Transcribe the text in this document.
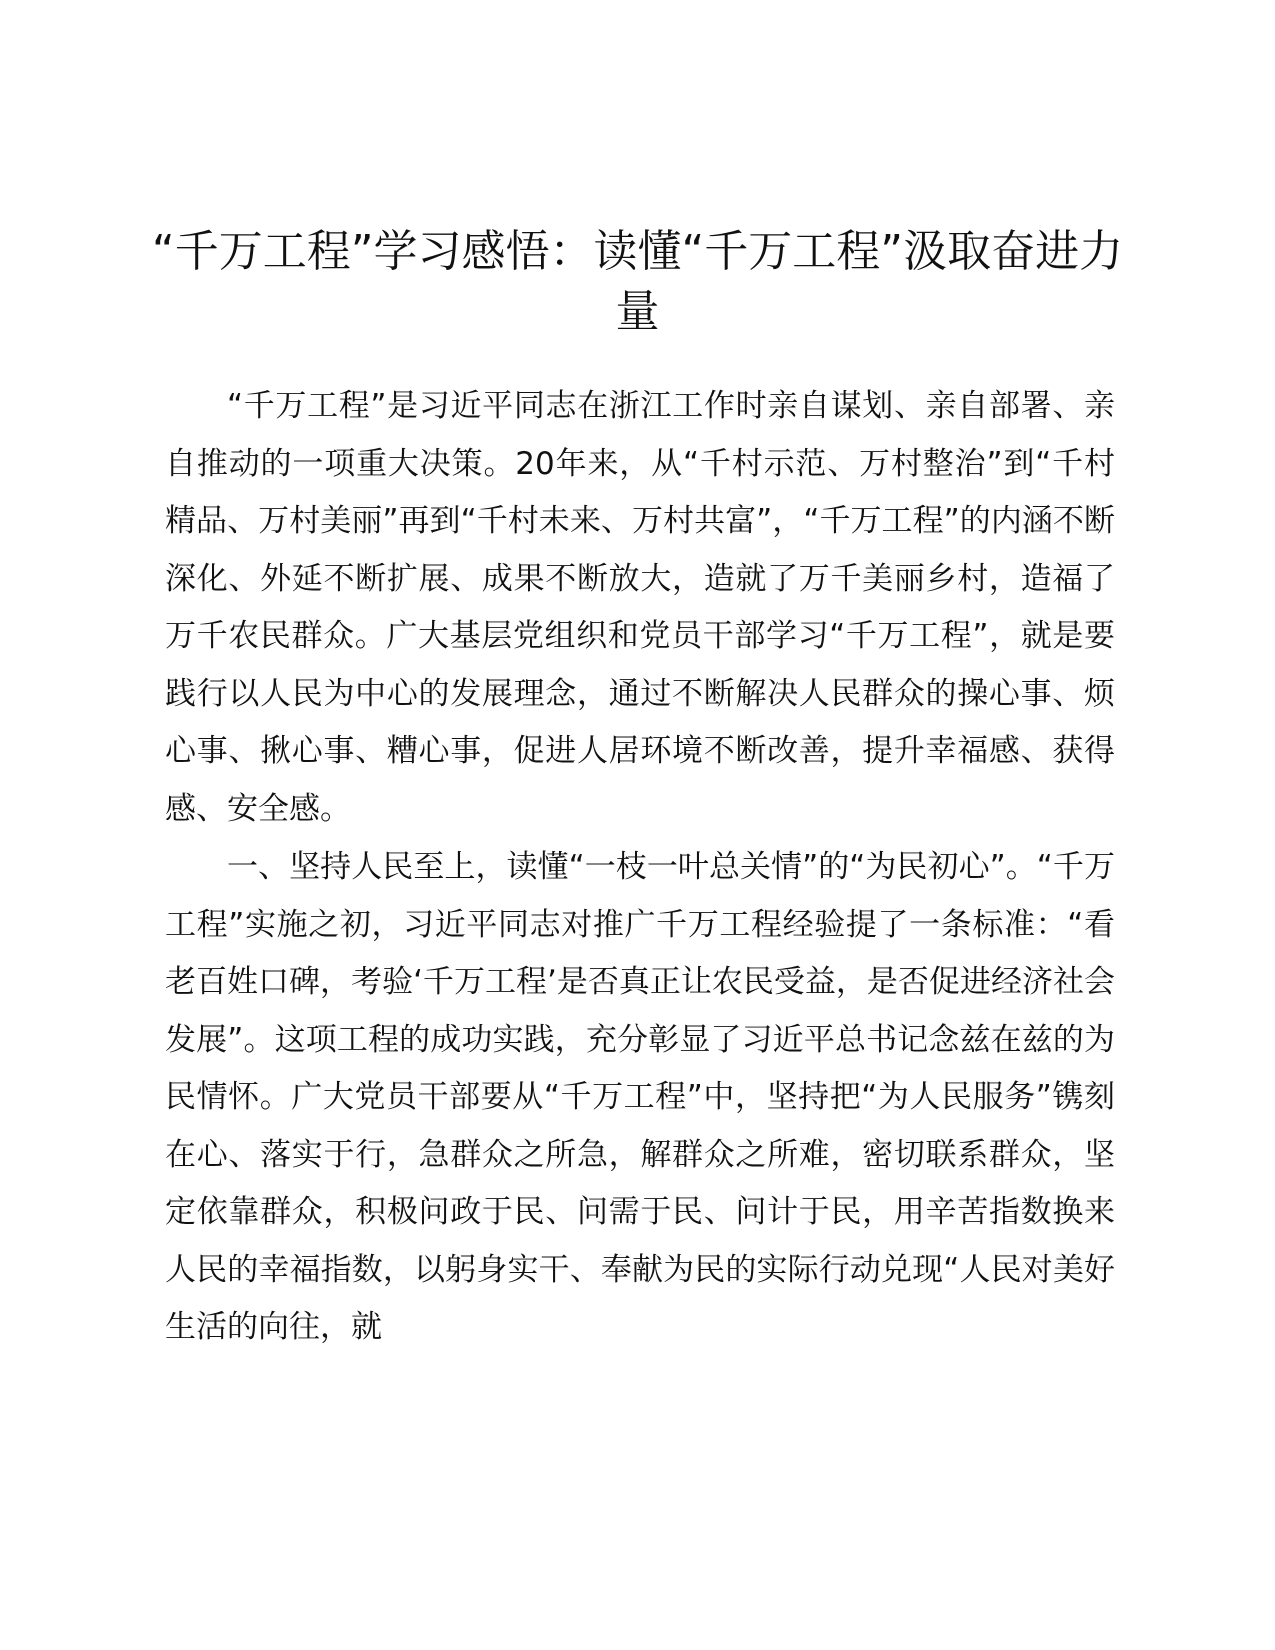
“千万工程”学习感悟：读懂“千万工程”汲取奋进力量

“千万工程”是习近平同志在浙江工作时亲自谋划、亲自部署、亲自推动的一项重大决策。20年来，从“千村示范、万村整治”到“千村精品、万村美丽”再到“千村未来、万村共富”，“千万工程”的内涵不断深化、外延不断扩展、成果不断放大，造就了万千美丽乡村，造福了万千农民群众。广大基层党组织和党员干部学习“千万工程”，就是要践行以人民为中心的发展理念，通过不断解决人民群众的操心事、烦心事、揪心事、糟心事，促进人居环境不断改善，提升幸福感、获得感、安全感。

一、坚持人民至上，读懂“一枝一叶总关情”的“为民初心”。“千万工程”实施之初，习近平同志对推广千万工程经验提了一条标准：“看老百姓口碑，考验‘千万工程’是否真正让农民受益，是否促进经济社会发展”。这项工程的成功实践，充分彰显了习近平总书记念兹在兹的为民情怀。广大党员干部要从“千万工程”中，坚持把“为人民服务”镌刻在心、落实于行，急群众之所急，解群众之所难，密切联系群众，坚定依靠群众，积极问政于民、问需于民、问计于民，用辛苦指数换来人民的幸福指数，以躬身实干、奉献为民的实际行动兑现“人民对美好生活的向往，就
